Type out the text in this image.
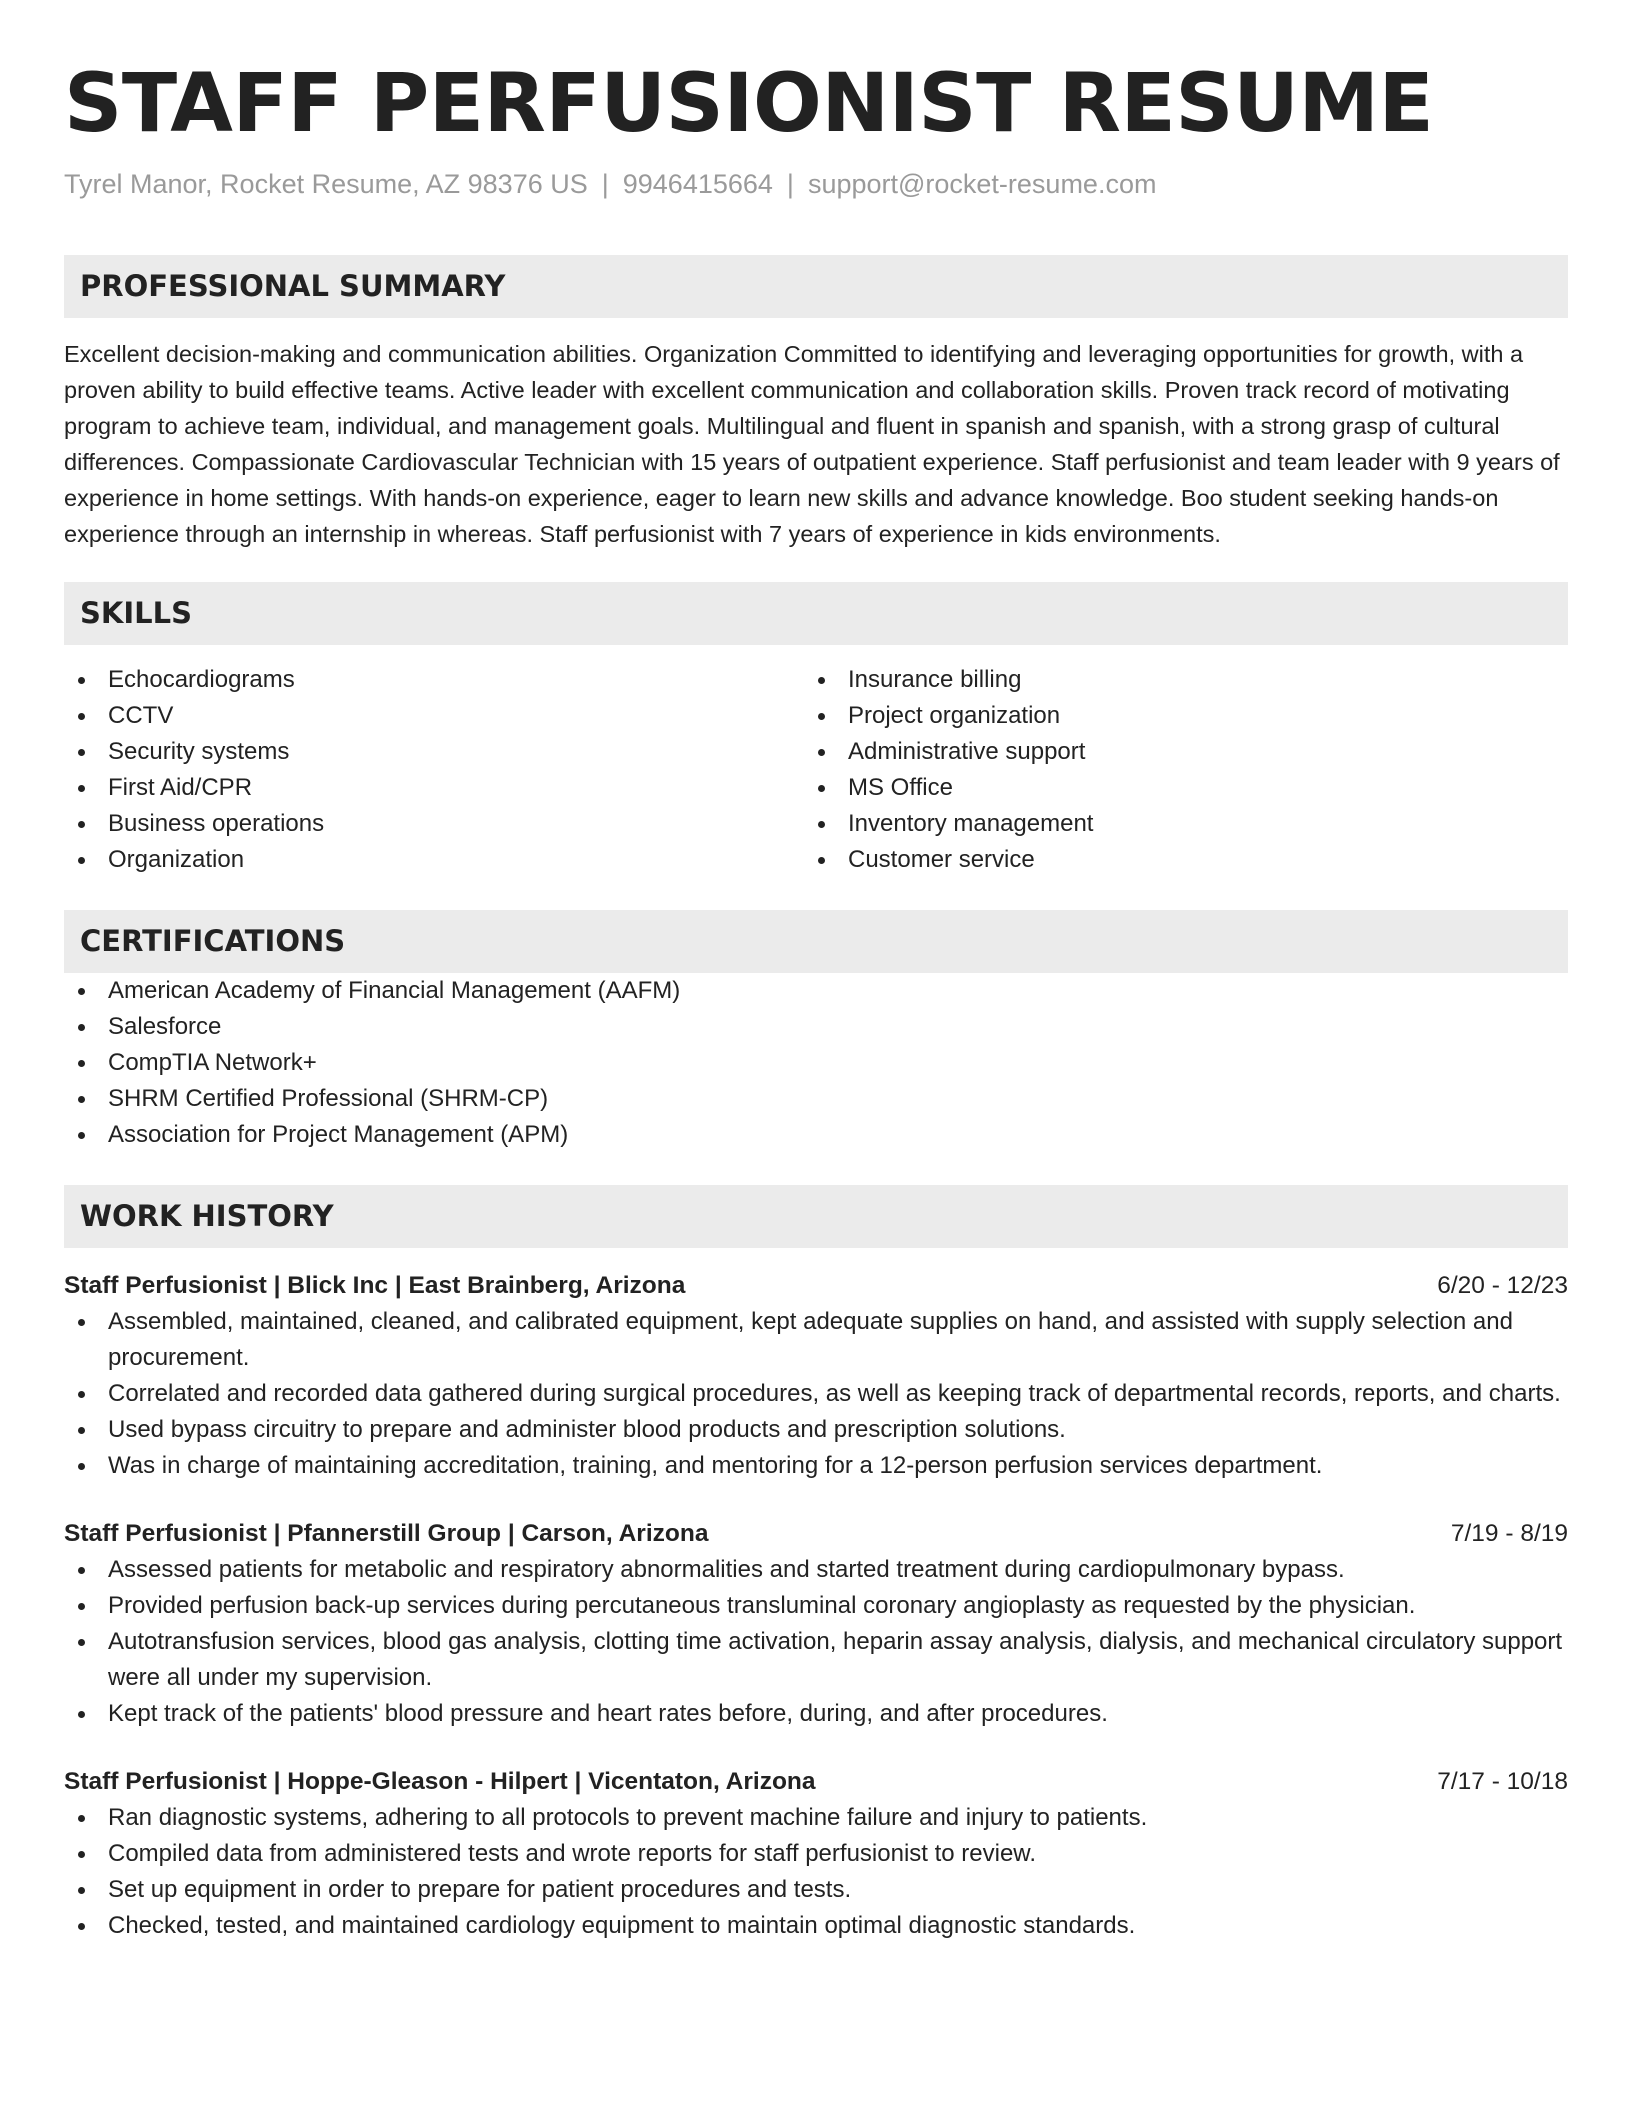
STAFF PERFUSIONIST RESUME
Tyrel Manor, Rocket Resume, AZ 98376 US | 9946415664 | support@rocket-resume.com
PROFESSIONAL SUMMARY
Excellent decision-making and communication abilities. Organization Committed to identifying and leveraging opportunities for growth, with a proven ability to build effective teams. Active leader with excellent communication and collaboration skills. Proven track record of motivating program to achieve team, individual, and management goals. Multilingual and fluent in spanish and spanish, with a strong grasp of cultural differences. Compassionate Cardiovascular Technician with 15 years of outpatient experience. Staff perfusionist and team leader with 9 years of experience in home settings. With hands-on experience, eager to learn new skills and advance knowledge. Boo student seeking hands-on experience through an internship in whereas. Staff perfusionist with 7 years of experience in kids environments.
SKILLS
Echocardiograms
CCTV
Security systems
First Aid/CPR
Business operations
Organization
Insurance billing
Project organization
Administrative support
MS Office
Inventory management
Customer service
CERTIFICATIONS
American Academy of Financial Management (AAFM)
Salesforce
CompTIA Network+
SHRM Certified Professional (SHRM-CP)
Association for Project Management (APM)
WORK HISTORY
Staff Perfusionist | Blick Inc | East Brainberg, Arizona	6/20 - 12/23
Assembled, maintained, cleaned, and calibrated equipment, kept adequate supplies on hand, and assisted with supply selection and procurement.
Correlated and recorded data gathered during surgical procedures, as well as keeping track of departmental records, reports, and charts.
Used bypass circuitry to prepare and administer blood products and prescription solutions.
Was in charge of maintaining accreditation, training, and mentoring for a 12-person perfusion services department.
Staff Perfusionist | Pfannerstill Group | Carson, Arizona	7/19 - 8/19
Assessed patients for metabolic and respiratory abnormalities and started treatment during cardiopulmonary bypass.
Provided perfusion back-up services during percutaneous transluminal coronary angioplasty as requested by the physician.
Autotransfusion services, blood gas analysis, clotting time activation, heparin assay analysis, dialysis, and mechanical circulatory support were all under my supervision.
Kept track of the patients' blood pressure and heart rates before, during, and after procedures.
Staff Perfusionist | Hoppe-Gleason - Hilpert | Vicentaton, Arizona	7/17 - 10/18
Ran diagnostic systems, adhering to all protocols to prevent machine failure and injury to patients.
Compiled data from administered tests and wrote reports for staff perfusionist to review.
Set up equipment in order to prepare for patient procedures and tests.
Checked, tested, and maintained cardiology equipment to maintain optimal diagnostic standards.
